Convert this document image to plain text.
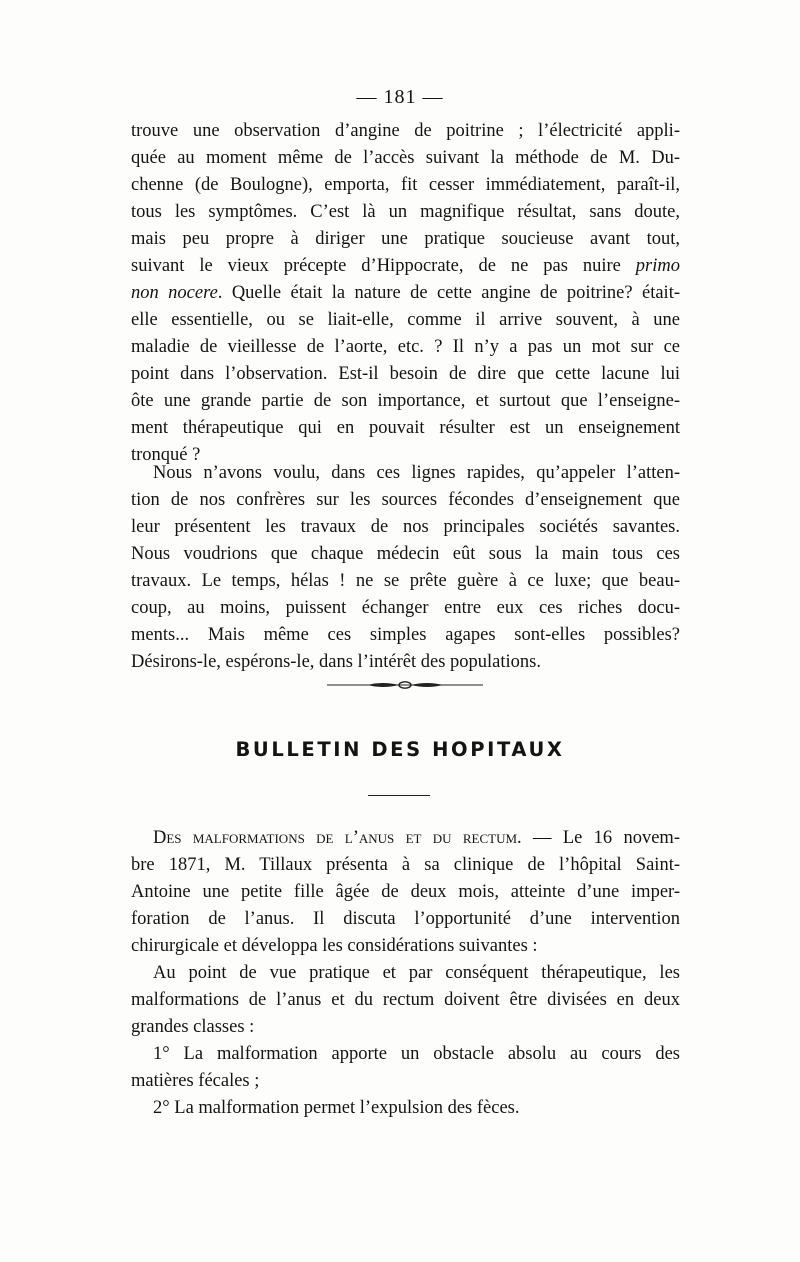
— 181 —
trouve une observation d’angine de poitrine ; l’électricité appli-
quée au moment même de l’accès suivant la méthode de M. Du-
chenne (de Boulogne), emporta, fit cesser immédiatement, paraît-il,
tous les symptômes. C’est là un magnifique résultat, sans doute,
mais peu propre à diriger une pratique soucieuse avant tout,
suivant le vieux précepte d’Hippocrate, de ne pas nuire primo
non nocere. Quelle était la nature de cette angine de poitrine? était-
elle essentielle, ou se liait-elle, comme il arrive souvent, à une
maladie de vieillesse de l’aorte, etc. ? Il n’y a pas un mot sur ce
point dans l’observation. Est-il besoin de dire que cette lacune lui
ôte une grande partie de son importance, et surtout que l’enseigne-
ment thérapeutique qui en pouvait résulter est un enseignement
tronqué ?
Nous n’avons voulu, dans ces lignes rapides, qu’appeler l’atten-
tion de nos confrères sur les sources fécondes d’enseignement que
leur présentent les travaux de nos principales sociétés savantes.
Nous voudrions que chaque médecin eût sous la main tous ces
travaux. Le temps, hélas ! ne se prête guère à ce luxe; que beau-
coup, au moins, puissent échanger entre eux ces riches docu-
ments... Mais même ces simples agapes sont-elles possibles?
Désirons-le, espérons-le, dans l’intérêt des populations.
BULLETIN DES HOPITAUX
Des malformations de l’anus et du rectum. — Le 16 novem-
bre 1871, M. Tillaux présenta à sa clinique de l’hôpital Saint-
Antoine une petite fille âgée de deux mois, atteinte d’une imper-
foration de l’anus. Il discuta l’opportunité d’une intervention
chirurgicale et développa les considérations suivantes :
Au point de vue pratique et par conséquent thérapeutique, les
malformations de l’anus et du rectum doivent être divisées en deux
grandes classes :
1° La malformation apporte un obstacle absolu au cours des
matières fécales ;
2° La malformation permet l’expulsion des fèces.
